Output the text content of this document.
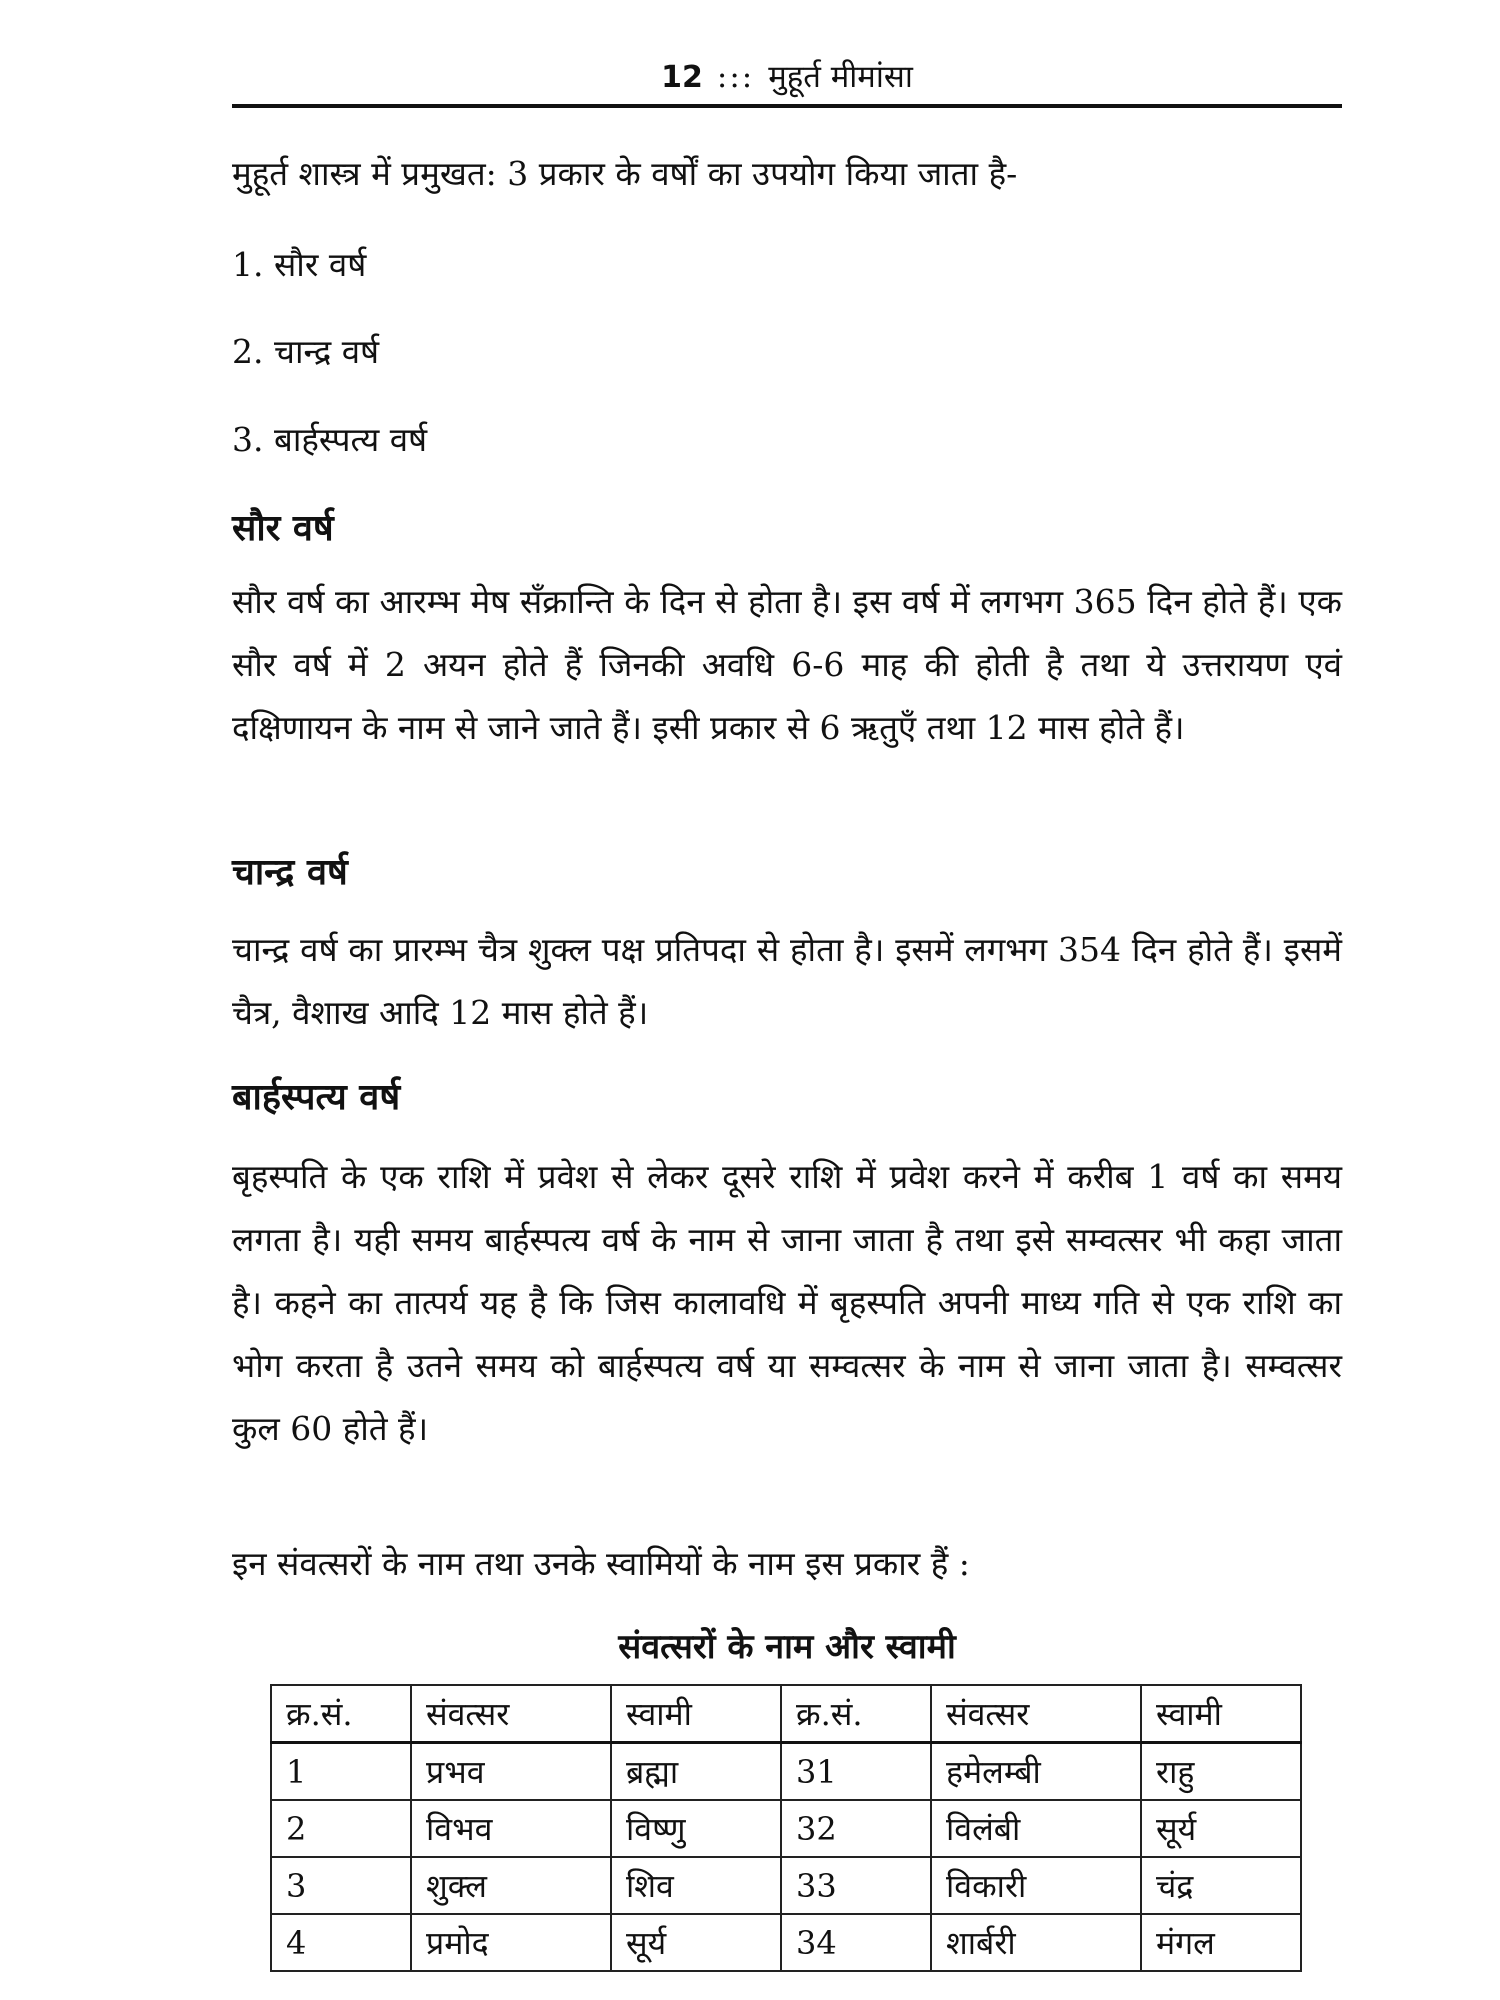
12 ::: मुहूर्त मीमांसा

मुहूर्त शास्त्र में प्रमुखत: 3 प्रकार के वर्षों का उपयोग किया जाता है-

1. सौर वर्ष

2. चान्द्र वर्ष

3. बार्हस्पत्य वर्ष

सौर वर्ष

सौर वर्ष का आरम्भ मेष सँक्रान्ति के दिन से होता है। इस वर्ष में लगभग 365 दिन होते हैं। एक सौर वर्ष में 2 अयन होते हैं जिनकी अवधि 6-6 माह की होती है तथा ये उत्तरायण एवं दक्षिणायन के नाम से जाने जाते हैं। इसी प्रकार से 6 ऋतुएँ तथा 12 मास होते हैं।

चान्द्र वर्ष

चान्द्र वर्ष का प्रारम्भ चैत्र शुक्ल पक्ष प्रतिपदा से होता है। इसमें लगभग 354 दिन होते हैं। इसमें चैत्र, वैशाख आदि 12 मास होते हैं।

बार्हस्पत्य वर्ष

बृहस्पति के एक राशि में प्रवेश से लेकर दूसरे राशि में प्रवेश करने में करीब 1 वर्ष का समय लगता है। यही समय बार्हस्पत्य वर्ष के नाम से जाना जाता है तथा इसे सम्वत्सर भी कहा जाता है। कहने का तात्पर्य यह है कि जिस कालावधि में बृहस्पति अपनी माध्य गति से एक राशि का भोग करता है उतने समय को बार्हस्पत्य वर्ष या सम्वत्सर के नाम से जाना जाता है। सम्वत्सर कुल 60 होते हैं।

इन संवत्सरों के नाम तथा उनके स्वामियों के नाम इस प्रकार हैं :

संवत्सरों के नाम और स्वामी
क्र.सं.	संवत्सर	स्वामी	क्र.सं.	संवत्सर	स्वामी
1	प्रभव	ब्रह्मा	31	हमेलम्बी	राहु
2	विभव	विष्णु	32	विलंबी	सूर्य
3	शुक्ल	शिव	33	विकारी	चंद्र
4	प्रमोद	सूर्य	34	शार्बरी	मंगल
